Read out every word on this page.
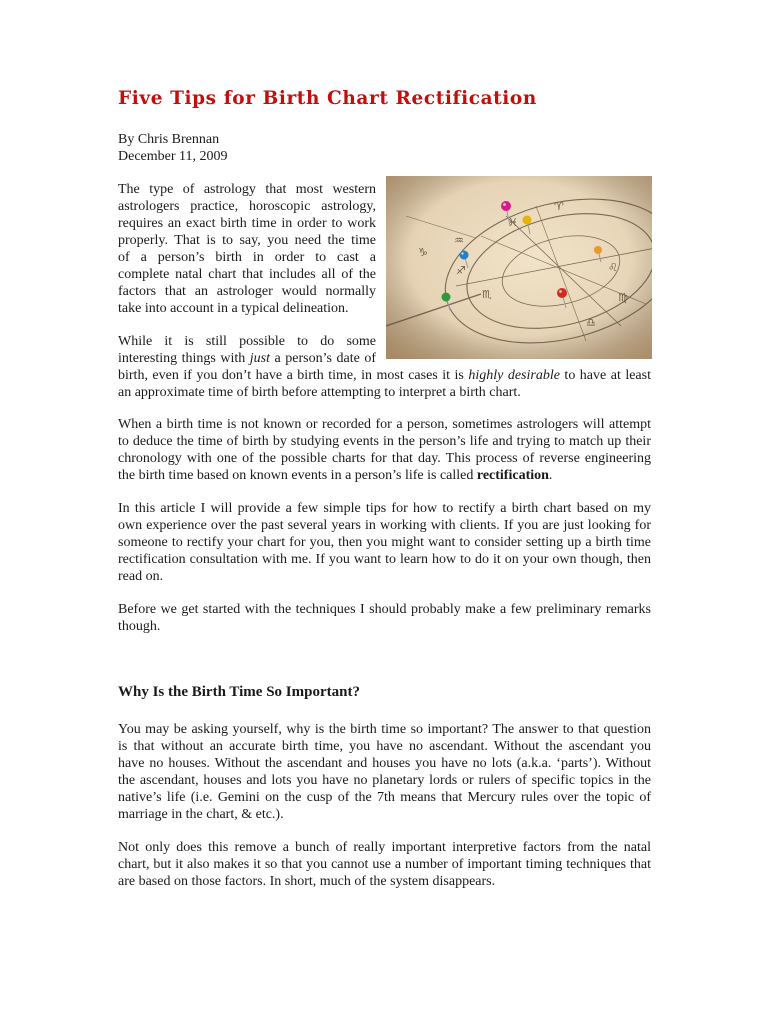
Five Tips for Birth Chart Rectification
By Chris Brennan
December 11, 2009
The type of astrology that most western
astrologers practice, horoscopic astrology,
requires an exact birth time in order to work
properly. That is to say, you need the time
of a person’s birth in order to cast a
complete natal chart that includes all of the
factors that an astrologer would normally
take into account in a typical delineation.
While it is still possible to do some
interesting things with just a person’s date of
birth, even if you don’t have a birth time, in most cases it is highly desirable to have at least
an approximate time of birth before attempting to interpret a birth chart.
When a birth time is not known or recorded for a person, sometimes astrologers will attempt
to deduce the time of birth by studying events in the person’s life and trying to match up their
chronology with one of the possible charts for that day. This process of reverse engineering
the birth time based on known events in a person’s life is called rectification.
In this article I will provide a few simple tips for how to rectify a birth chart based on my
own experience over the past several years in working with clients. If you are just looking for
someone to rectify your chart for you, then you might want to consider setting up a birth time
rectification consultation with me. If you want to learn how to do it on your own though, then
read on.
Before we get started with the techniques I should probably make a few preliminary remarks
though.
Why Is the Birth Time So Important?
You may be asking yourself, why is the birth time so important? The answer to that question
is that without an accurate birth time, you have no ascendant. Without the ascendant you
have no houses. Without the ascendant and houses you have no lots (a.k.a. ‘parts’). Without
the ascendant, houses and lots you have no planetary lords or rulers of specific topics in the
native’s life (i.e. Gemini on the cusp of the 7th means that Mercury rules over the topic of
marriage in the chart, & etc.).
Not only does this remove a bunch of really important interpretive factors from the natal
chart, but it also makes it so that you cannot use a number of important timing techniques that
are based on those factors. In short, much of the system disappears.
